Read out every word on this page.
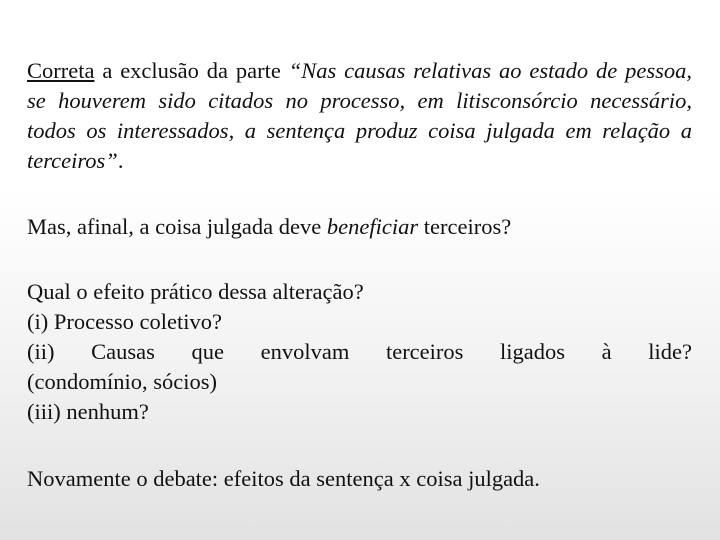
Correta a exclusão da parte “Nas causas relativas ao estado de pessoa, se houverem sido citados no processo, em litisconsórcio necessário, todos os interessados, a sentença produz coisa julgada em relação a terceiros”.

Mas, afinal, a coisa julgada deve beneficiar terceiros?

Qual o efeito prático dessa alteração?
(i) Processo coletivo?
(ii) Causas que envolvam terceiros ligados à lide?
(condomínio, sócios)
(iii) nenhum?

Novamente o debate: efeitos da sentença x coisa julgada.
